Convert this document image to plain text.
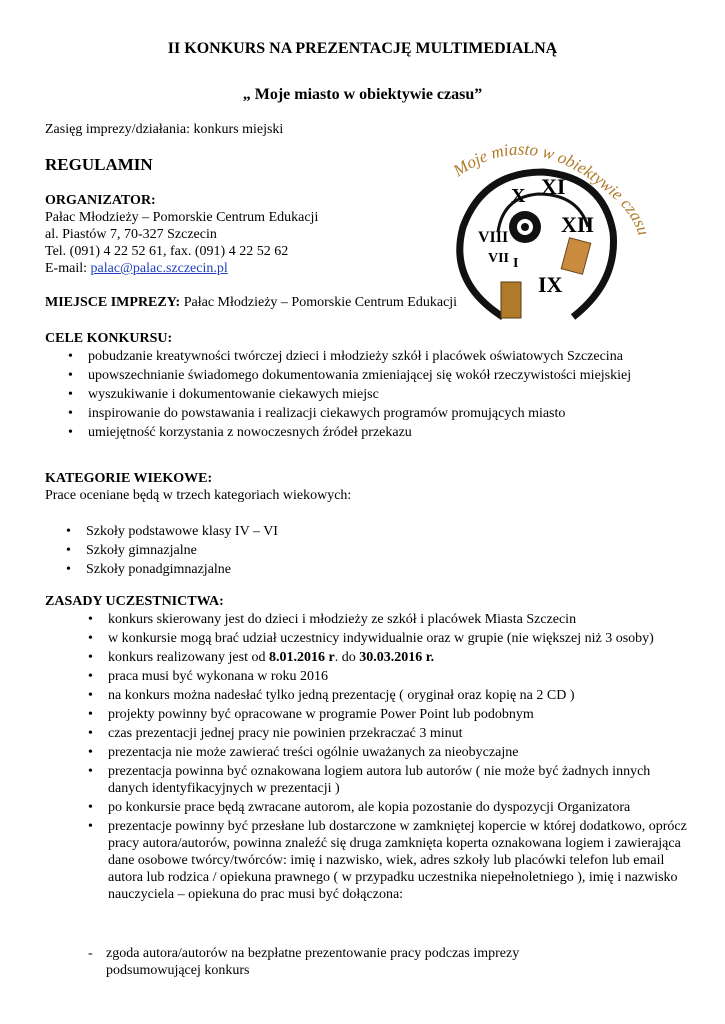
II KONKURS NA PREZENTACJĘ MULTIMEDIALNĄ
„ Moje miasto w obiektywie czasu”
Zasięg imprezy/działania: konkurs miejski
REGULAMIN
ORGANIZATOR:
Pałac Młodzieży – Pomorskie Centrum Edukacji
al. Piastów 7, 70-327 Szczecin
Tel. (091) 4 22 52 61, fax. (091) 4 22 52 62
E-mail: palac@palac.szczecin.pl
MIEJSCE IMPREZY: Pałac Młodzieży – Pomorskie Centrum Edukacji
CELE KONKURSU:
• pobudzanie kreatywności twórczej dzieci i młodzieży szkół i placówek oświatowych Szczecina
• upowszechnianie świadomego dokumentowania zmieniającej się wokół rzeczywistości miejskiej
• wyszukiwanie i dokumentowanie ciekawych miejsc
• inspirowanie do powstawania i realizacji ciekawych programów promujących miasto
• umiejętność korzystania z nowoczesnych źródeł przekazu
KATEGORIE WIEKOWE:
Prace oceniane będą w trzech kategoriach wiekowych:
• Szkoły podstawowe klasy IV – VI
• Szkoły gimnazjalne
• Szkoły ponadgimnazjalne
ZASADY UCZESTNICTWA:
• konkurs skierowany jest do dzieci i młodzieży ze szkół i placówek Miasta Szczecin
• w konkursie mogą brać udział uczestnicy indywidualnie oraz w grupie (nie większej niż 3 osoby)
• konkurs realizowany jest od 8.01.2016 r. do 30.03.2016 r.
• praca musi być wykonana w roku 2016
• na konkurs można nadesłać tylko jedną prezentację ( oryginał oraz kopię na 2 CD )
• projekty powinny być opracowane w programie Power Point lub podobnym
• czas prezentacji jednej pracy nie powinien przekraczać 3 minut
• prezentacja nie może zawierać treści ogólnie uważanych za nieobyczajne
• prezentacja powinna być oznakowana logiem autora lub autorów ( nie może być żadnych innych danych identyfikacyjnych w prezentacji )
• po konkursie prace będą zwracane autorom, ale kopia pozostanie do dyspozycji Organizatora
• prezentacje powinny być przesłane lub dostarczone w zamkniętej kopercie w której dodatkowo, oprócz pracy autora/autorów, powinna znaleźć się druga zamknięta koperta oznakowana logiem i zawierająca dane osobowe twórcy/twórców: imię i nazwisko, wiek, adres szkoły lub placówki telefon lub email autora lub rodzica / opiekuna prawnego ( w przypadku uczestnika niepełnoletniego ), imię i nazwisko nauczyciela – opiekuna do prac musi być dołączona:
- zgoda autora/autorów na bezpłatne prezentowanie pracy podczas imprezy podsumowującej konkurs
Moje miasto w obiektywie czasu
X XI
XII
IX
VIII
VII I
